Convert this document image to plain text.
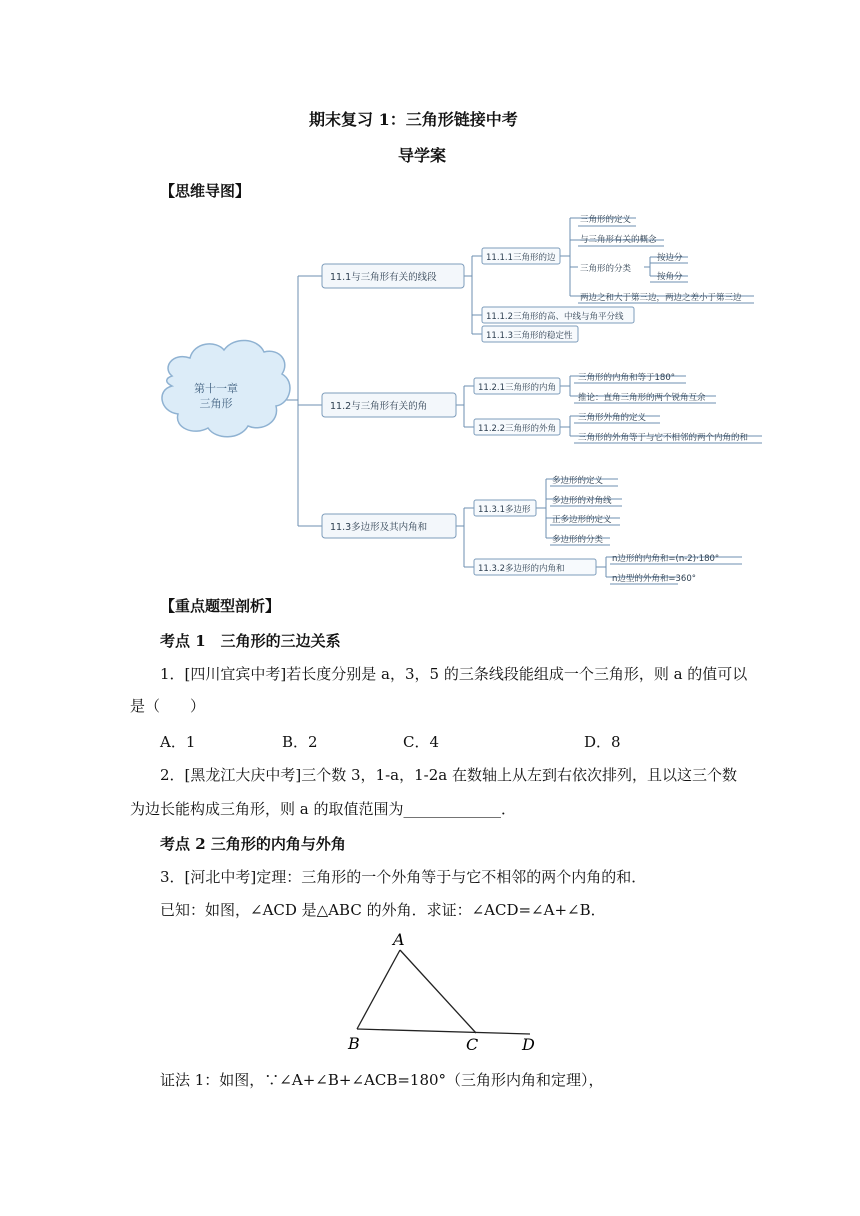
期末复习 1：三角形链接中考
导学案
【思维导图】
第十一章
三角形
11.1与三角形有关的线段
11.2与三角形有关的角
11.3多边形及其内角和
11.1.1三角形的边
11.1.2三角形的高、中线与角平分线
11.1.3三角形的稳定性
11.2.1三角形的内角
11.2.2三角形的外角
11.3.1多边形
11.3.2多边形的内角和
三角形的定义
与三角形有关的概念
三角形的分类
按边分
按角分
两边之和大于第三边，两边之差小于第三边
三角形的内角和等于180°
推论：直角三角形的两个锐角互余
三角形外角的定义
三角形的外角等于与它不相邻的两个内角的和
多边形的定义
多边形的对角线
正多边形的定义
多边形的分类
n边形的内角和=(n-2)·180°
n边型的外角和=360°
【重点题型剖析】
考点 1　三角形的三边关系
1．[四川宜宾中考]若长度分别是 a，3，5 的三条线段能组成一个三角形，则 a 的值可以
是（　　）
A．1	B．2	C．4	D．8
2．[黑龙江大庆中考]三个数 3，1-a，1-2a 在数轴上从左到右依次排列，且以这三个数
为边长能构成三角形，则 a 的取值范围为_____________．
考点 2 三角形的内角与外角
3．[河北中考]定理：三角形的一个外角等于与它不相邻的两个内角的和．
已知：如图，∠ACD 是△ABC 的外角．求证：∠ACD=∠A+∠B．
A
B	C	D
证法 1：如图，∵∠A+∠B+∠ACB=180°（三角形内角和定理），
